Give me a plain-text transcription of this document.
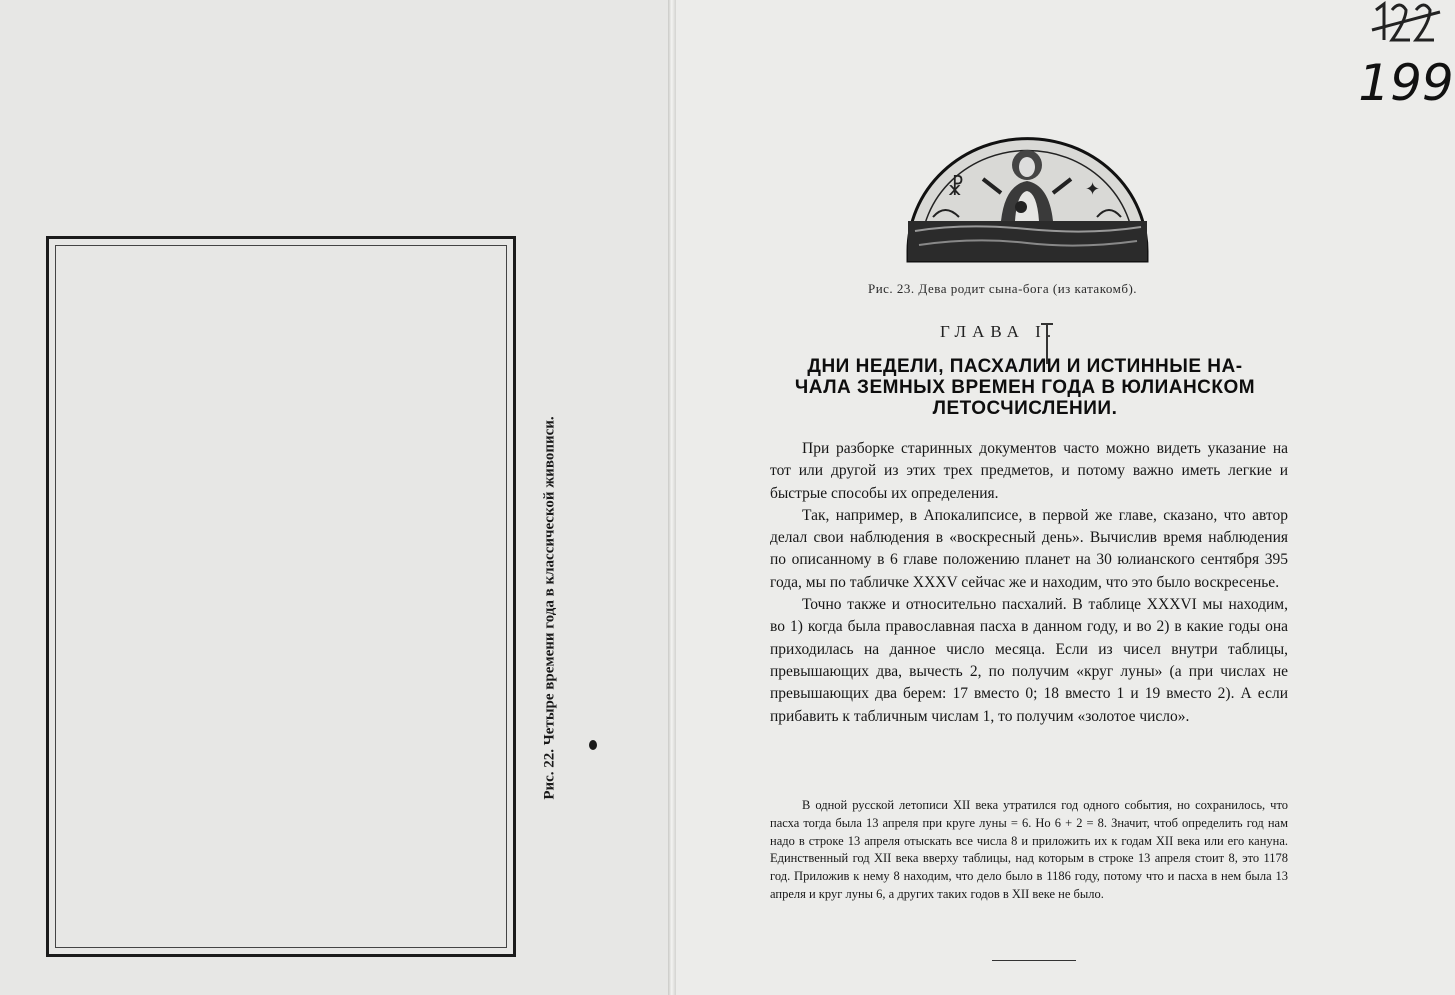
Рис. 22. Четыре времени года в классической живописи.
199
☧	✦
Рис. 23. Дева родит сына-бога (из катакомб).
ГЛАВА I.
ДНИ НЕДЕЛИ, ПАСХАЛИИ И ИСТИННЫЕ НА-
ЧАЛА ЗЕМНЫХ ВРЕМЕН ГОДА В ЮЛИАНСКОМ
ЛЕТОСЧИСЛЕНИИ.

При разборке старинных документов часто можно видеть указание на тот или другой из этих трех предметов, и потому важно иметь легкие и быстрые способы их определения.

Так, например, в Апокалипсисе, в первой же главе, сказано, что автор делал свои наблюдения в «воскресный день». Вычислив время наблюдения по описанному в 6 главе положению планет на 30 юлианского сентября 395 года, мы по табличке XXXV сейчас же и находим, что это было воскресенье.

Точно также и относительно пасхалий. В таблице XXXVI мы находим, во 1) когда была православная пасха в данном году, и во 2) в какие годы она приходилась на данное число месяца. Если из чисел внутри таблицы, превышающих два, вычесть 2, по получим «круг луны» (а при числах не превышающих два берем: 17 вместо 0; 18 вместо 1 и 19 вместо 2). А если прибавить к табличным числам 1, то получим «золотое число».

В одной русской летописи XII века утратился год одного события, но сохранилось, что пасха тогда была 13 апреля при круге луны = 6. Но 6 + 2 = 8. Значит, чтоб определить год нам надо в строке 13 апреля отыскать все числа 8 и приложить их к годам XII века или его кануна. Единственный год XII века вверху таблицы, над которым в строке 13 апреля стоит 8, это 1178 год. Приложив к нему 8 находим, что дело было в 1186 году, потому что и пасха в нем была 13 апреля и круг луны 6, а других таких годов в XII веке не было.
